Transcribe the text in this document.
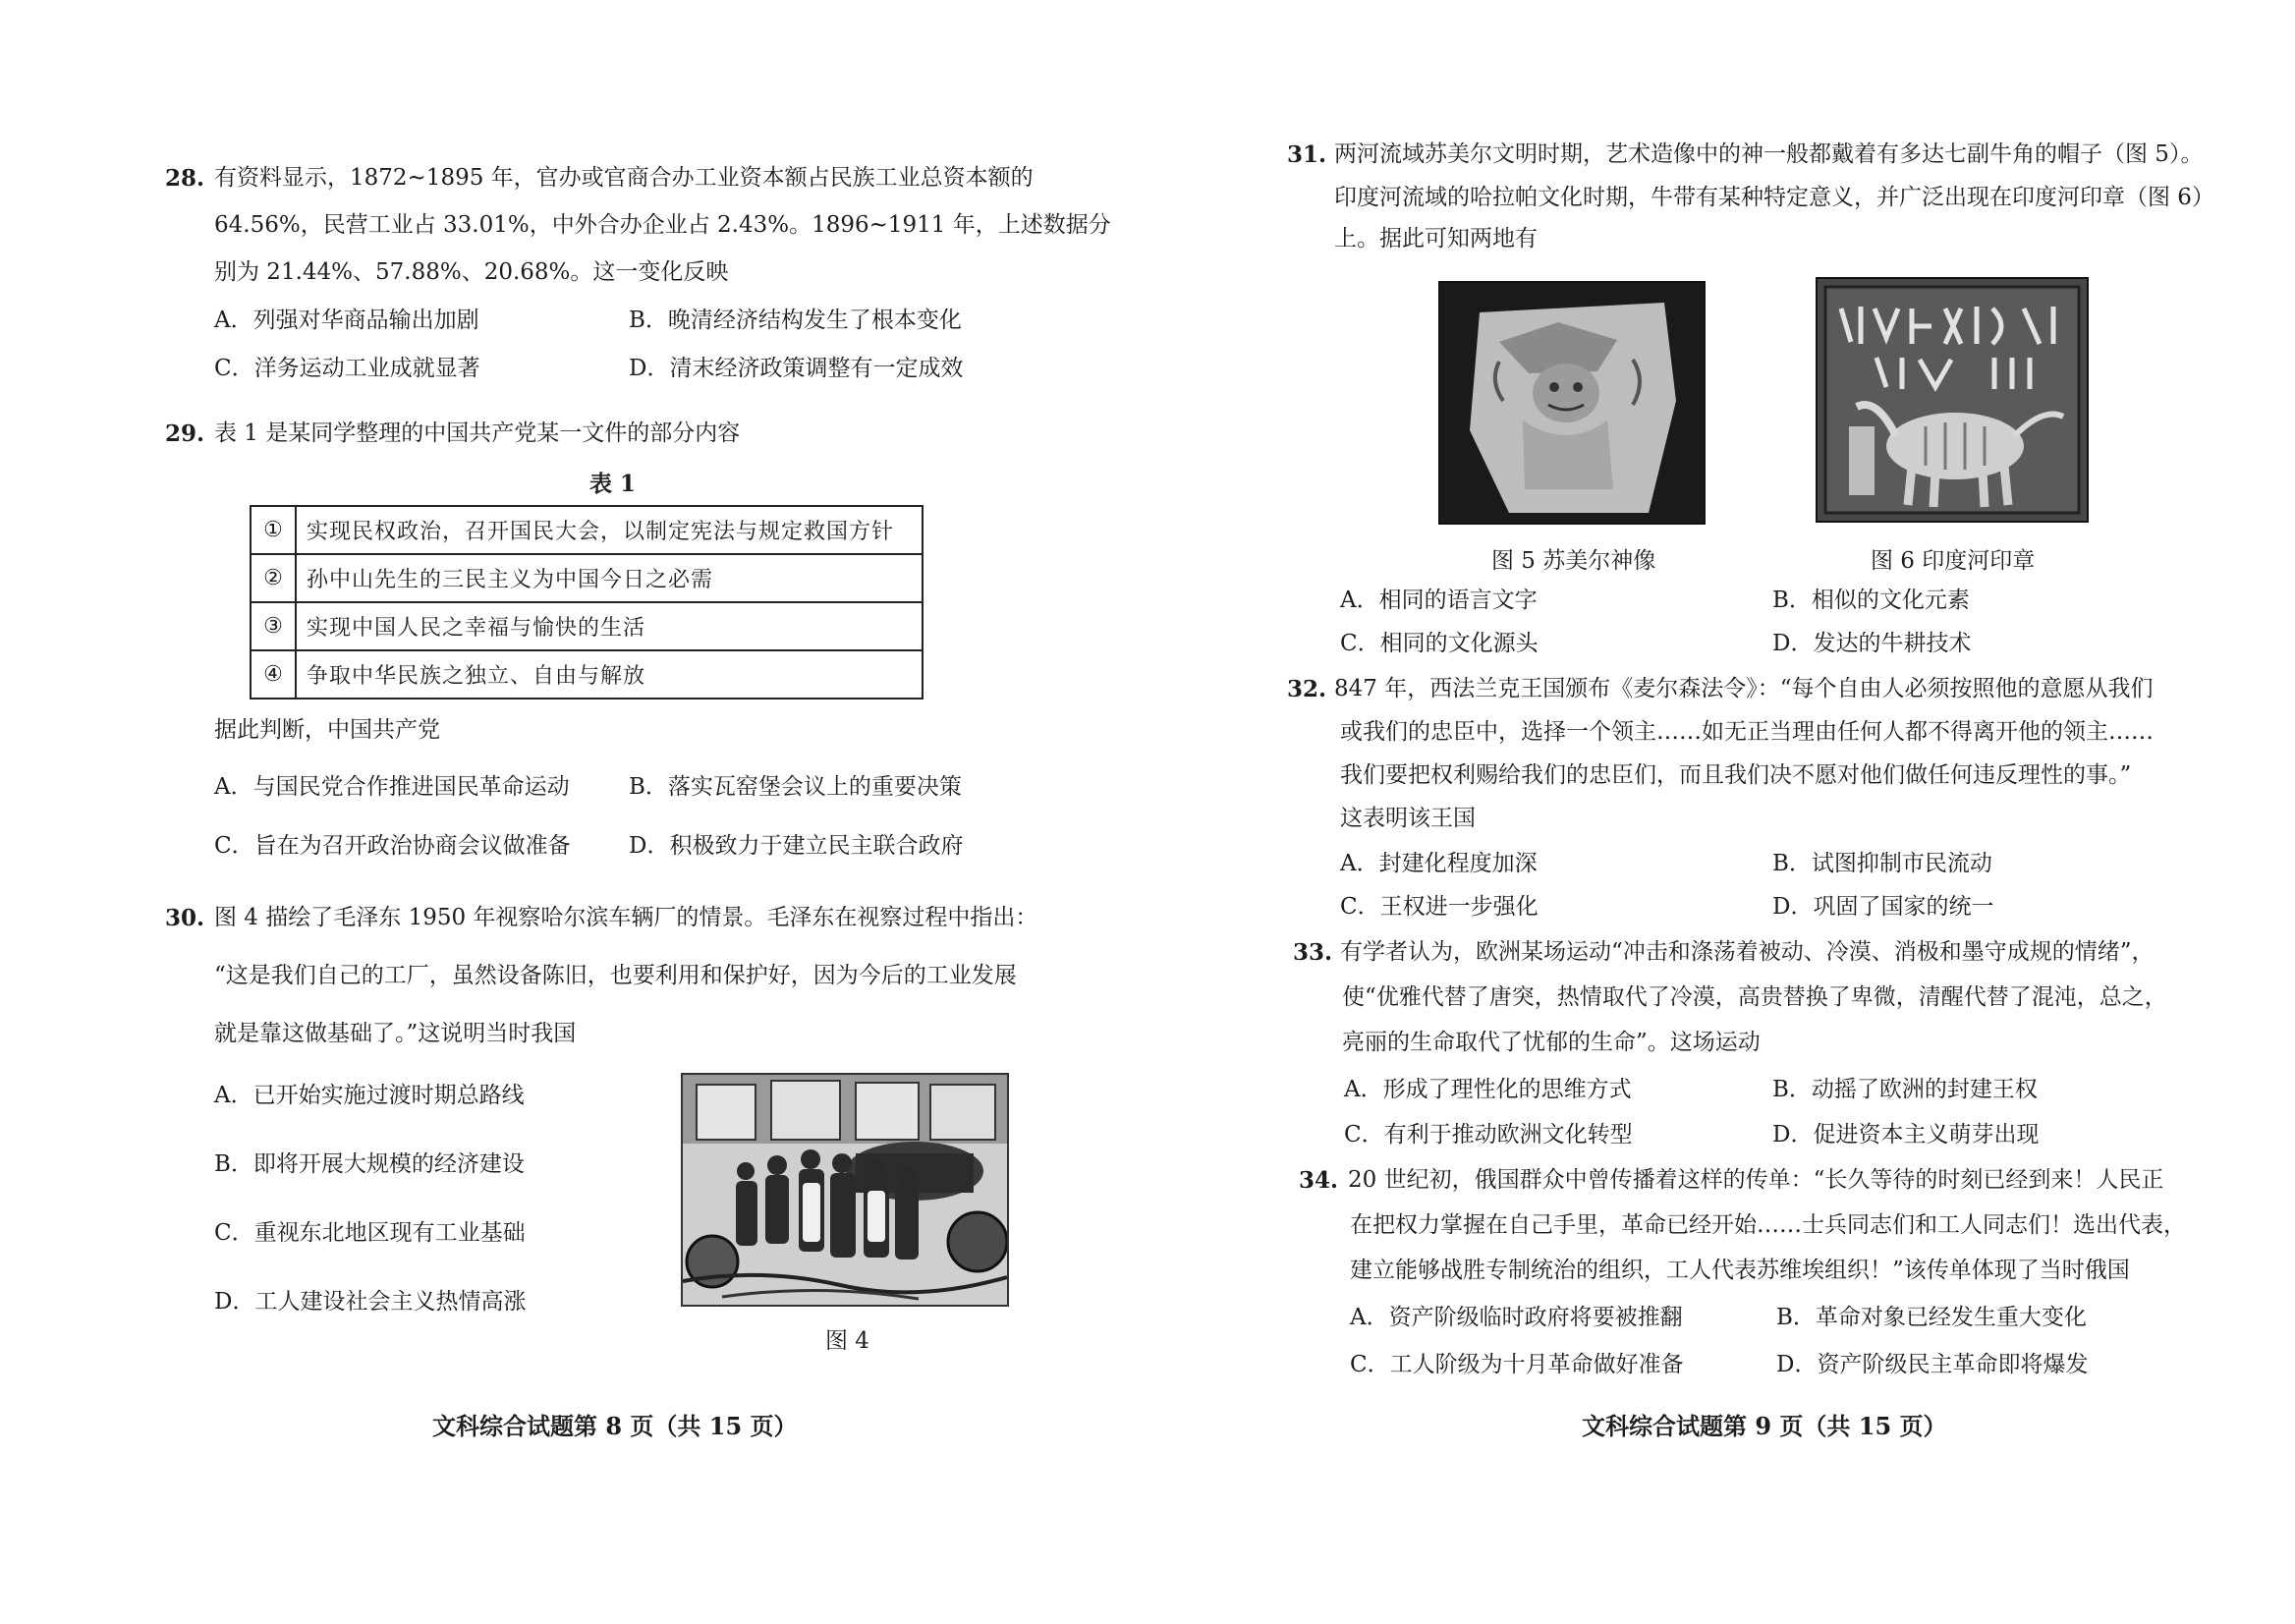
28. 有资料显示，1872~1895 年，官办或官商合办工业资本额占民族工业总资本额的
64.56%，民营工业占 33.01%，中外合办企业占 2.43%。1896~1911 年，上述数据分
别为 21.44%、57.88%、20.68%。这一变化反映
A．列强对华商品输出加剧	B．晚清经济结构发生了根本变化
C．洋务运动工业成就显著	D．清末经济政策调整有一定成效
29. 表 1 是某同学整理的中国共产党某一文件的部分内容
表 1
①	实现民权政治，召开国民大会，以制定宪法与规定救国方针
②	孙中山先生的三民主义为中国今日之必需
③	实现中国人民之幸福与愉快的生活
④	争取中华民族之独立、自由与解放
据此判断，中国共产党
A．与国民党合作推进国民革命运动	B．落实瓦窑堡会议上的重要决策
C．旨在为召开政治协商会议做准备	D．积极致力于建立民主联合政府
30. 图 4 描绘了毛泽东 1950 年视察哈尔滨车辆厂的情景。毛泽东在视察过程中指出：
“这是我们自己的工厂，虽然设备陈旧，也要利用和保护好，因为今后的工业发展
就是靠这做基础了。”这说明当时我国
A．已开始实施过渡时期总路线
B．即将开展大规模的经济建设
C．重视东北地区现有工业基础
D．工人建设社会主义热情高涨
图 4
文科综合试题第 8 页（共 15 页）
31. 两河流域苏美尔文明时期，艺术造像中的神一般都戴着有多达七副牛角的帽子（图 5）。
印度河流域的哈拉帕文化时期，牛带有某种特定意义，并广泛出现在印度河印章（图 6）
上。据此可知两地有
图 5 苏美尔神像	图 6 印度河印章
A．相同的语言文字	B．相似的文化元素
C．相同的文化源头	D．发达的牛耕技术
32. 847 年，西法兰克王国颁布《麦尔森法令》：“每个自由人必须按照他的意愿从我们
或我们的忠臣中，选择一个领主……如无正当理由任何人都不得离开他的领主……
我们要把权利赐给我们的忠臣们，而且我们决不愿对他们做任何违反理性的事。”
这表明该王国
A．封建化程度加深	B．试图抑制市民流动
C．王权进一步强化	D．巩固了国家的统一
33. 有学者认为，欧洲某场运动“冲击和涤荡着被动、冷漠、消极和墨守成规的情绪”，
使“优雅代替了唐突，热情取代了冷漠，高贵替换了卑微，清醒代替了混沌，总之，
亮丽的生命取代了忧郁的生命”。这场运动
A．形成了理性化的思维方式	B．动摇了欧洲的封建王权
C．有利于推动欧洲文化转型	D．促进资本主义萌芽出现
34. 20 世纪初，俄国群众中曾传播着这样的传单：“长久等待的时刻已经到来！人民正
在把权力掌握在自己手里，革命已经开始……士兵同志们和工人同志们！选出代表，
建立能够战胜专制统治的组织，工人代表苏维埃组织！”该传单体现了当时俄国
A．资产阶级临时政府将要被推翻	B．革命对象已经发生重大变化
C．工人阶级为十月革命做好准备	D．资产阶级民主革命即将爆发
文科综合试题第 9 页（共 15 页）
